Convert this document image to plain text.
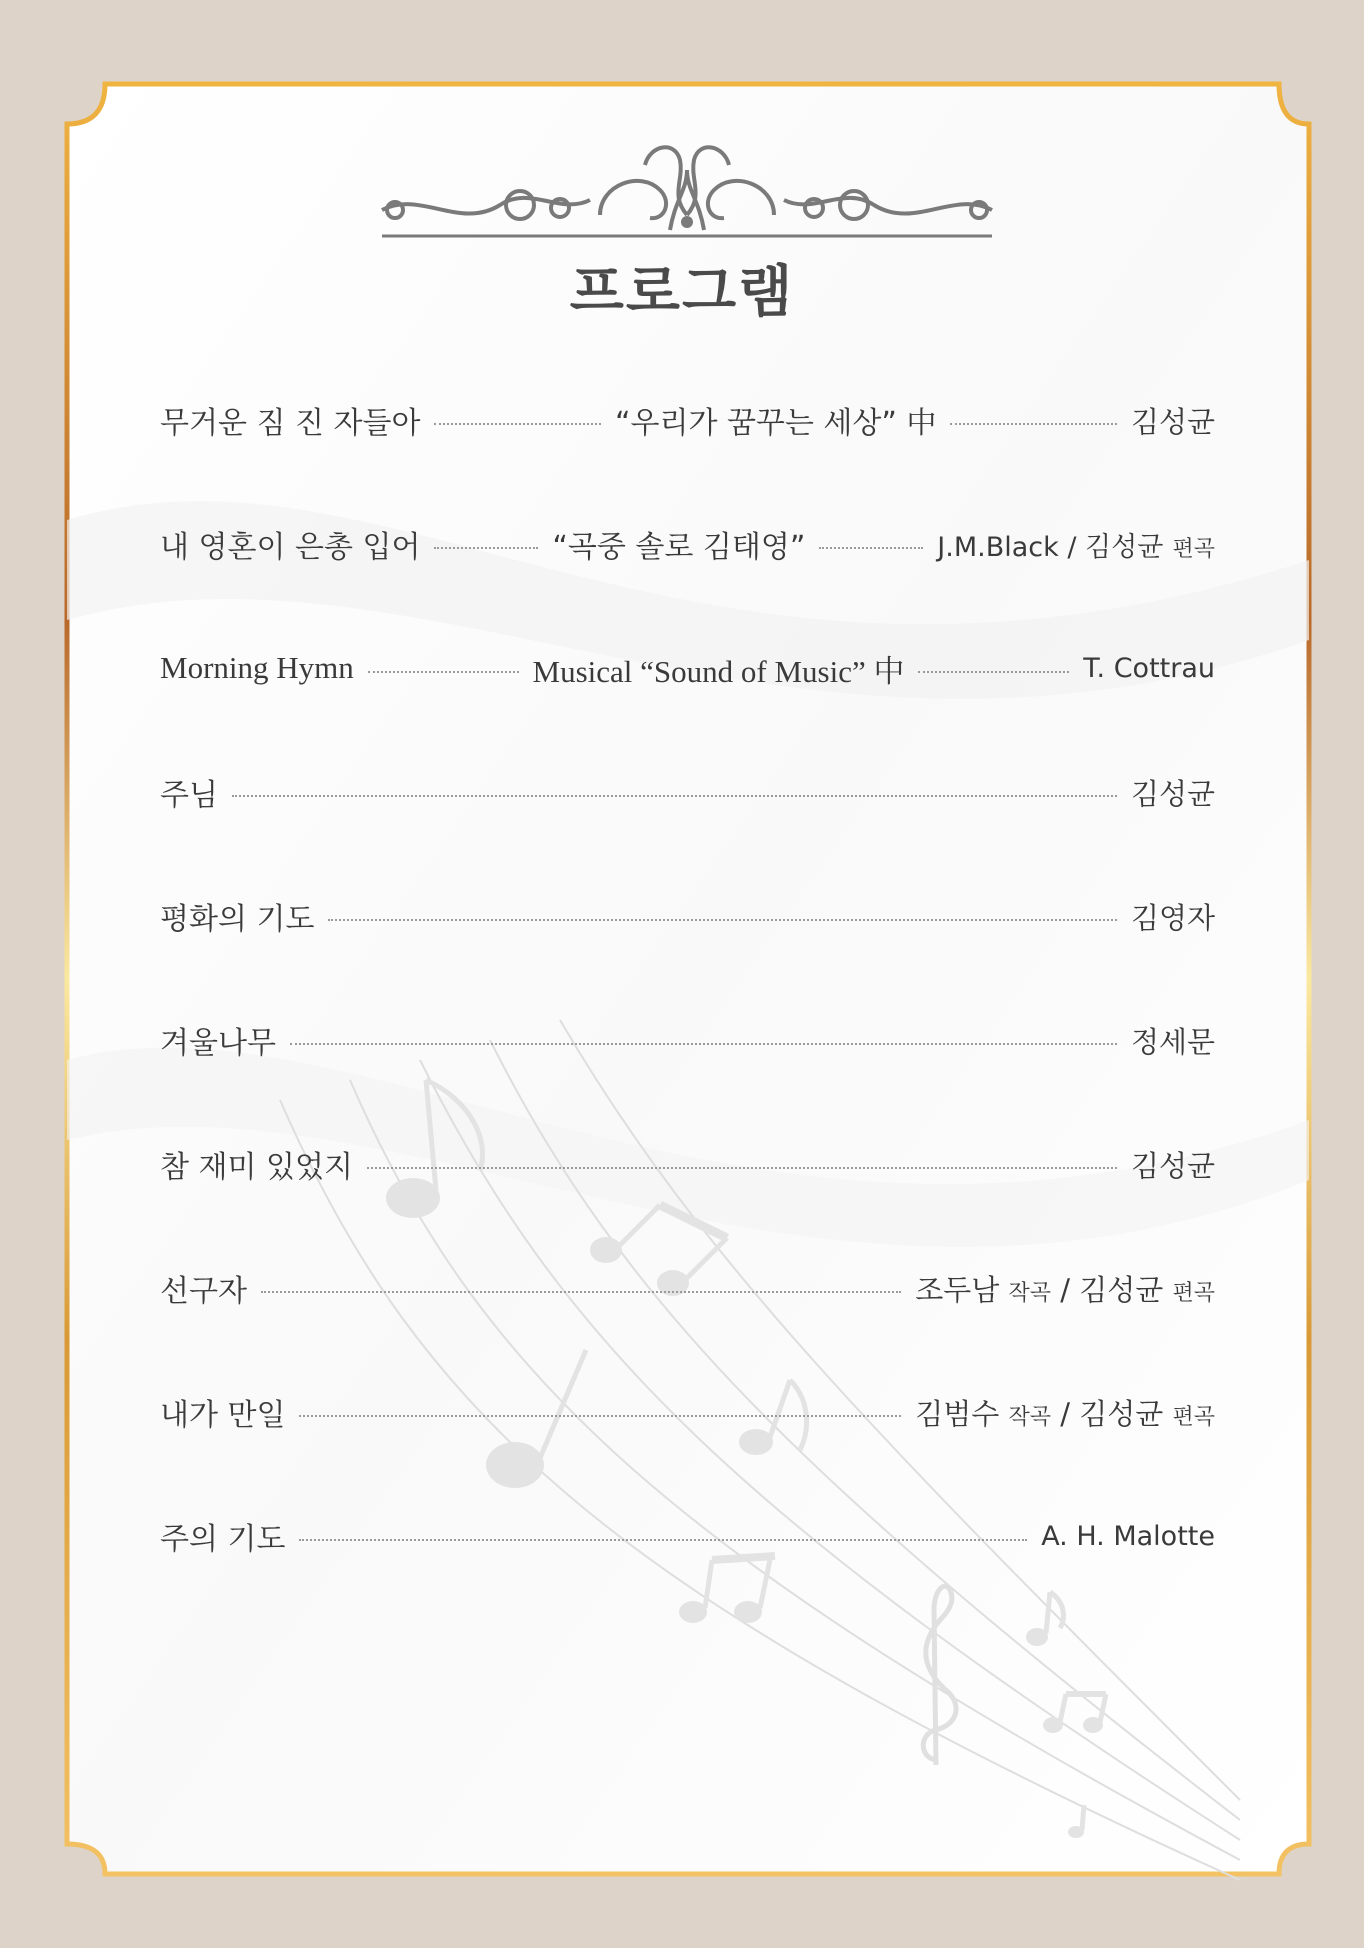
프로그램
무거운 짐 진 자들아	“우리가 꿈꾸는 세상” 中	김성균
내 영혼이 은총 입어	“곡중 솔로 김태영”	J.M.Black / 김성균 편곡
Morning Hymn	Musical “Sound of Music” 中	T. Cottrau
주님	김성균
평화의 기도	김영자
겨울나무	정세문
참 재미 있었지	김성균
선구자	조두남 작곡 / 김성균 편곡
내가 만일	김범수 작곡 / 김성균 편곡
주의 기도	A. H. Malotte
